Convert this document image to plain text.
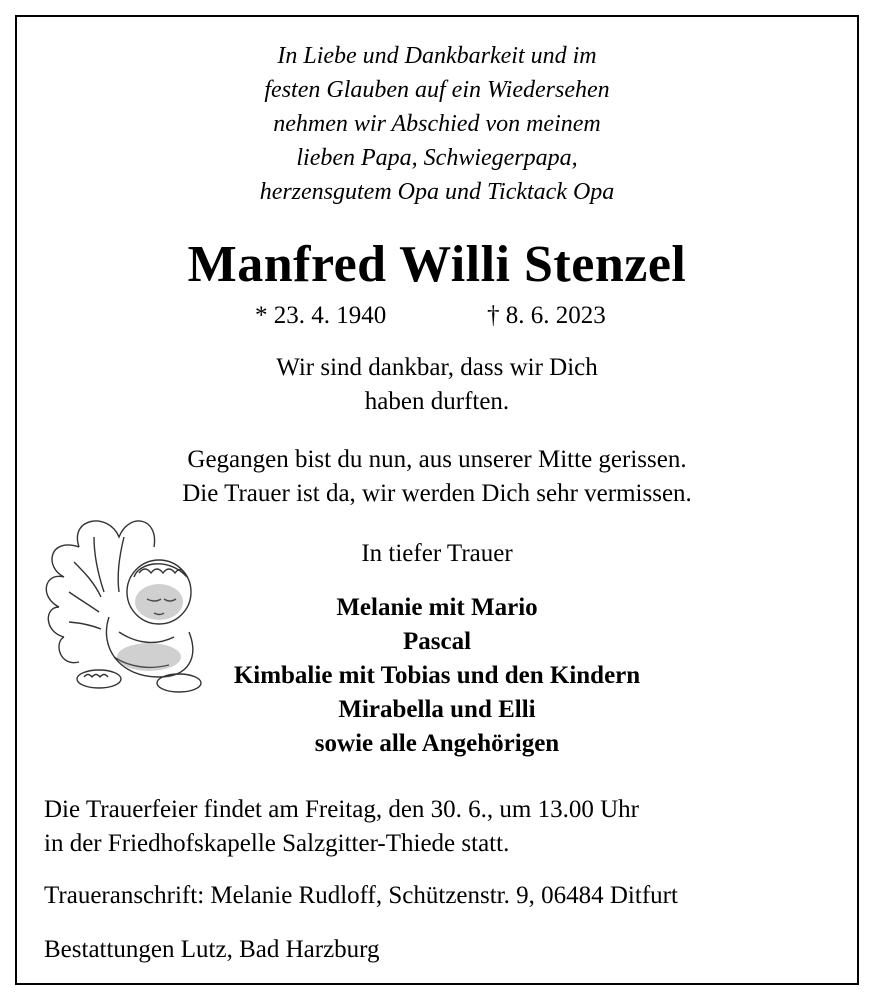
In Liebe und Dankbarkeit und im
festen Glauben auf ein Wiedersehen
nehmen wir Abschied von meinem
lieben Papa, Schwiegerpapa,
herzensgutem Opa und Ticktack Opa
Manfred Willi Stenzel
* 23. 4. 1940	† 8. 6. 2023
Wir sind dankbar, dass wir Dich
haben durften.
Gegangen bist du nun, aus unserer Mitte gerissen.
Die Trauer ist da, wir werden Dich sehr vermissen.
In tiefer Trauer
Melanie mit Mario
Pascal
Kimbalie mit Tobias und den Kindern
Mirabella und Elli
sowie alle Angehörigen
Die Trauerfeier findet am Freitag, den 30. 6., um 13.00 Uhr
in der Friedhofskapelle Salzgitter-Thiede statt.
Traueranschrift: Melanie Rudloff, Schützenstr. 9, 06484 Ditfurt
Bestattungen Lutz, Bad Harzburg
